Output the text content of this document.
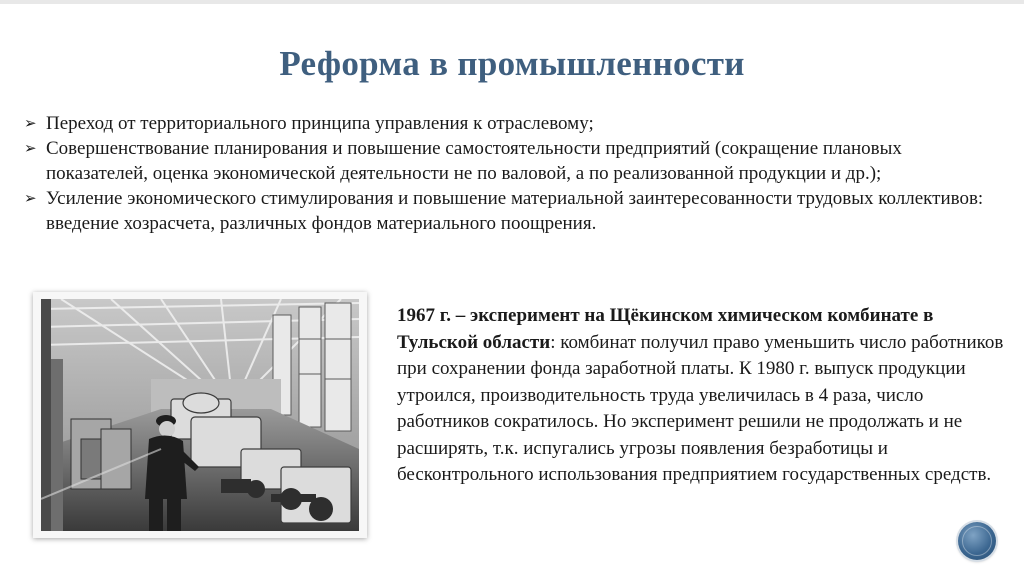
Реформа в промышленности
➢ Переход от территориального принципа управления к отраслевому;
➢ Совершенствование планирования и повышение самостоятельности предприятий (сокращение плановых показателей, оценка экономической деятельности не по валовой, а по реализованной продукции и др.);
➢ Усиление экономического стимулирования и повышение материальной заинтересованности трудовых коллективов: введение хозрасчета, различных фондов материального поощрения.

1967 г. – эксперимент на Щёкинском химическом комбинате в Тульской области: комбинат получил право уменьшить число работников при сохранении фонда заработной платы. К 1980 г. выпуск продукции утроился, производительность труда увеличилась в 4 раза, число работников сократилось. Но эксперимент решили не продолжать и не расширять, т.к. испугались угрозы появления безработицы и бесконтрольного использования предприятием государственных средств.
